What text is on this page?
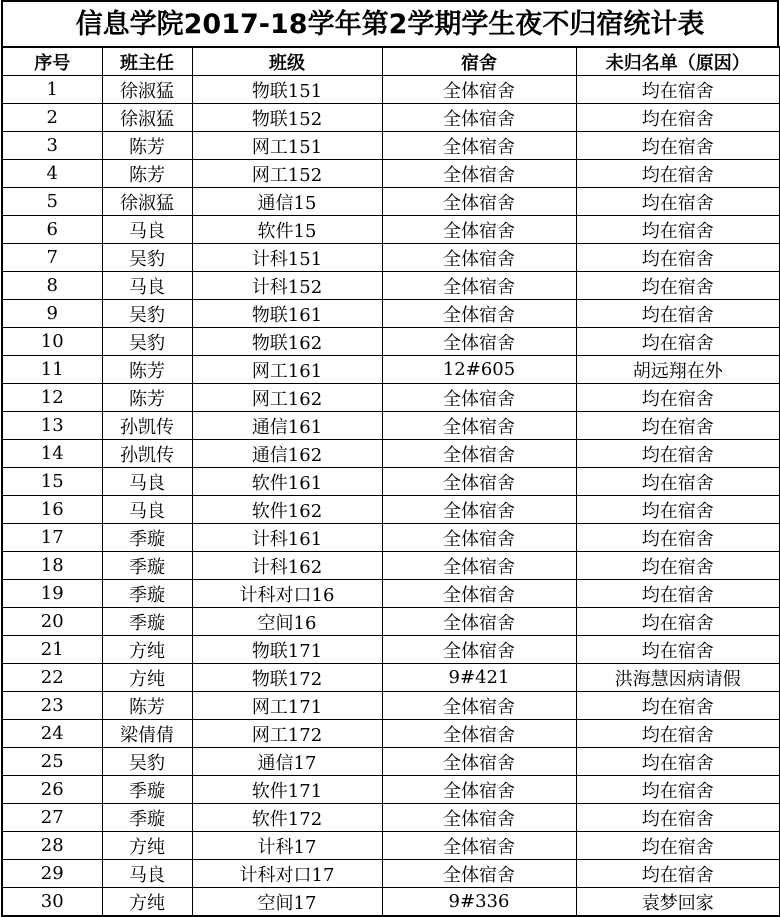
信息学院2017-18学年第2学期学生夜不归宿统计表
序号	班主任	班级	宿舍	未归名单（原因）
1	徐淑猛	物联151	全体宿舍	均在宿舍
2	徐淑猛	物联152	全体宿舍	均在宿舍
3	陈芳	网工151	全体宿舍	均在宿舍
4	陈芳	网工152	全体宿舍	均在宿舍
5	徐淑猛	通信15	全体宿舍	均在宿舍
6	马良	软件15	全体宿舍	均在宿舍
7	吴豹	计科151	全体宿舍	均在宿舍
8	马良	计科152	全体宿舍	均在宿舍
9	吴豹	物联161	全体宿舍	均在宿舍
10	吴豹	物联162	全体宿舍	均在宿舍
11	陈芳	网工161	12#605	胡远翔在外
12	陈芳	网工162	全体宿舍	均在宿舍
13	孙凯传	通信161	全体宿舍	均在宿舍
14	孙凯传	通信162	全体宿舍	均在宿舍
15	马良	软件161	全体宿舍	均在宿舍
16	马良	软件162	全体宿舍	均在宿舍
17	季璇	计科161	全体宿舍	均在宿舍
18	季璇	计科162	全体宿舍	均在宿舍
19	季璇	计科对口16	全体宿舍	均在宿舍
20	季璇	空间16	全体宿舍	均在宿舍
21	方纯	物联171	全体宿舍	均在宿舍
22	方纯	物联172	9#421	洪海慧因病请假
23	陈芳	网工171	全体宿舍	均在宿舍
24	梁倩倩	网工172	全体宿舍	均在宿舍
25	吴豹	通信17	全体宿舍	均在宿舍
26	季璇	软件171	全体宿舍	均在宿舍
27	季璇	软件172	全体宿舍	均在宿舍
28	方纯	计科17	全体宿舍	均在宿舍
29	马良	计科对口17	全体宿舍	均在宿舍
30	方纯	空间17	9#336	袁梦回家
